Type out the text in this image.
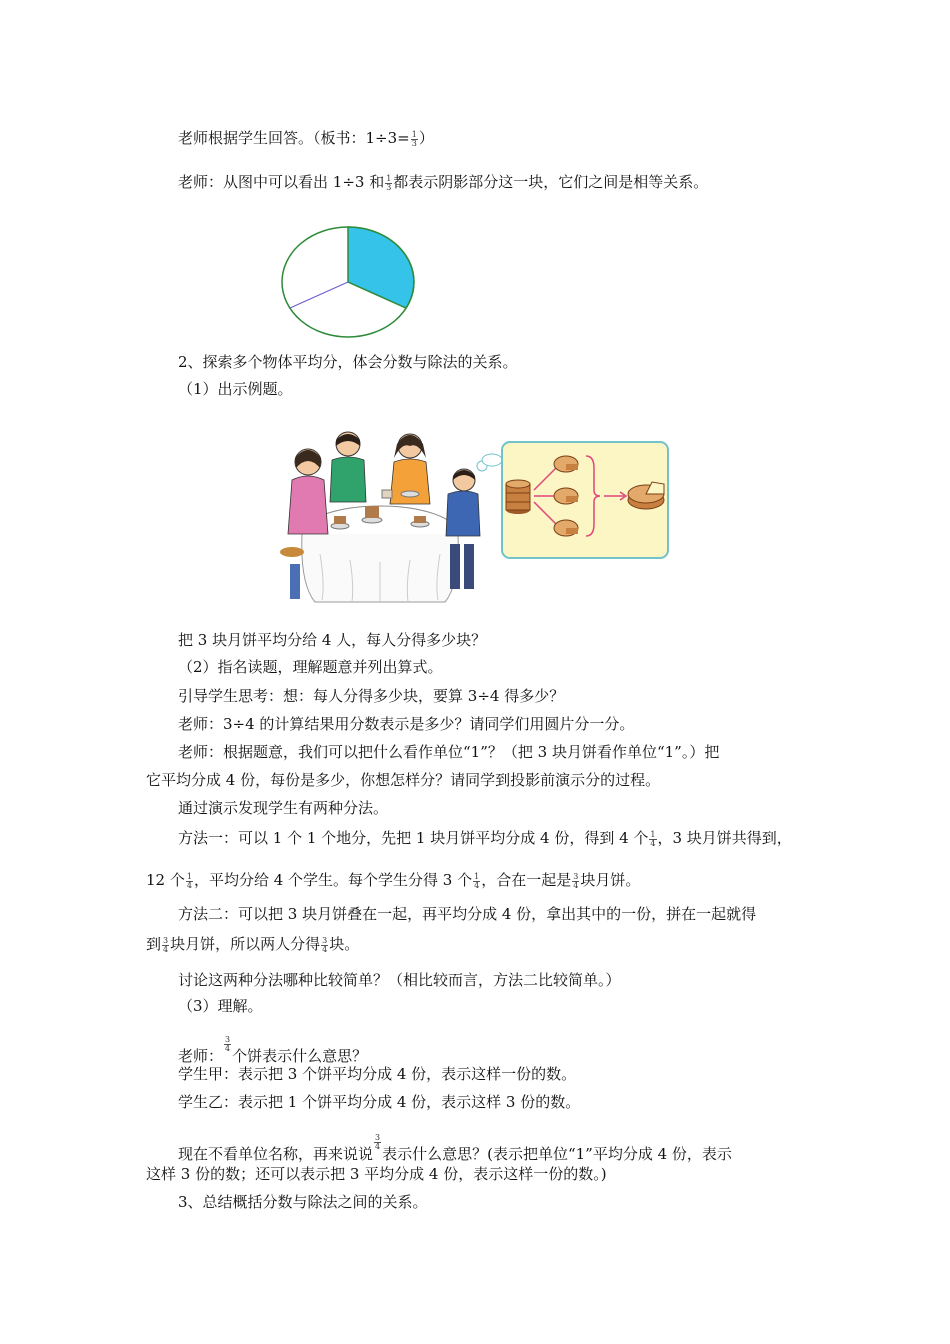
老师根据学生回答。（板书：$1\div 3= \frac{1}{3}$ ）
老师：从图中可以看出 1÷3 和 $\frac{1}{3}$ 都表示阴影部分这一块，它们之间是相等关系。
2、探索多个物体平均分，体会分数与除法的关系。
（1）出示例题。
把 3 块月饼平均分给 4 人，每人分得多少块？
（2）指名读题，理解题意并列出算式。
引导学生思考：想：每人分得多少块，要算 3÷4 得多少？
老师：3÷4 的计算结果用分数表示是多少？请同学们用圆片分一分。
老师：根据题意，我们可以把什么看作单位“1”？（把 3 块月饼看作单位“1”。）把
它平均分成 4 份，每份是多少，你想怎样分？请同学到投影前演示分的过程。
通过演示发现学生有两种分法。
方法一：可以 1 个 1 个地分，先把 1 块月饼平均分成 4 份，得到 4 个 $\frac{1}{4}$ ，3 块月饼共得到，
12 个 $\frac{1}{4}$ ，平均分给 4 个学生。每个学生分得 3 个 $\frac{1}{4}$ ，合在一起是 $\frac{3}{4}$ 块月饼。
方法二：可以把 3 块月饼叠在一起，再平均分成 4 份，拿出其中的一份，拼在一起就得
到 $\frac{3}{4}$ 块月饼，所以两人分得 $\frac{3}{4}$ 块。
讨论这两种分法哪种比较简单？（相比较而言，方法二比较简单。）
（3）理解。
老师：
$\frac{3}{4}$
个饼表示什么意思？
学生甲：表示把 3 个饼平均分成 4 份，表示这样一份的数。
学生乙：表示把 1 个饼平均分成 4 份，表示这样 3 份的数。
现在不看单位名称，再来说说
$\frac{3}{4}$
表示什么意思？(表示把单位“1”平均分成 4 份，表示
这样 3 份的数；还可以表示把 3 平均分成 4 份，表示这样一份的数。)
3、总结概括分数与除法之间的关系。
